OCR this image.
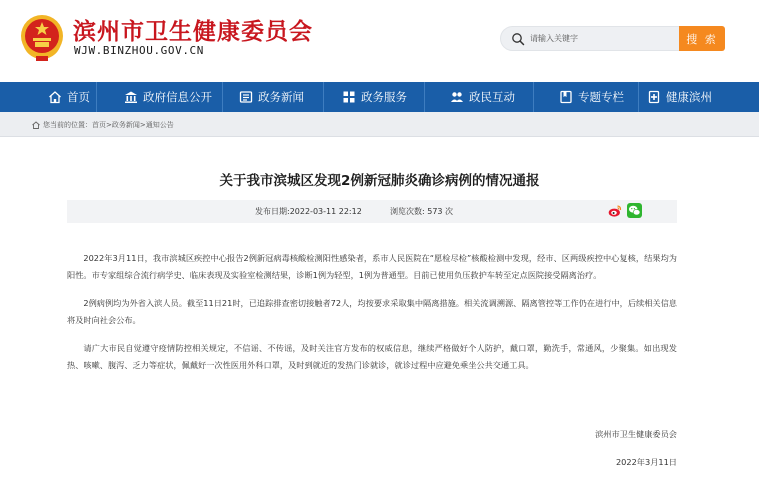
滨州市卫生健康委员会
WJW.BINZHOU.GOV.CN
请输入关键字
搜 索
首页	政府信息公开	政务新闻	政务服务	政民互动	专题专栏	健康滨州
您当前的位置： 首页 > 政务新闻 > 通知公告
关于我市滨城区发现2例新冠肺炎确诊病例的情况通报
发布日期:2022-03-11 22:12	浏览次数: 573 次

2022年3月11日，我市滨城区疾控中心报告2例新冠病毒核酸检测阳性感染者，系市人民医院在“愿检尽检”核酸检测中发现，经市、区两级疾控中心复核，结果均为阳性。市专家组综合流行病学史、临床表现及实验室检测结果，诊断1例为轻型，1例为普通型。目前已使用负压救护车转至定点医院接受隔离治疗。

2例病例均为外省入滨人员。截至11日21时，已追踪排查密切接触者72人，均按要求采取集中隔离措施。相关流调溯源、隔离管控等工作仍在进行中，后续相关信息将及时向社会公布。

请广大市民自觉遵守疫情防控相关规定，不信谣、不传谣，及时关注官方发布的权威信息，继续严格做好个人防护，戴口罩，勤洗手，常通风，少聚集。如出现发热、咳嗽、腹泻、乏力等症状，佩戴好一次性医用外科口罩，及时到就近的发热门诊就诊，就诊过程中应避免乘坐公共交通工具。

滨州市卫生健康委员会
2022年3月11日
